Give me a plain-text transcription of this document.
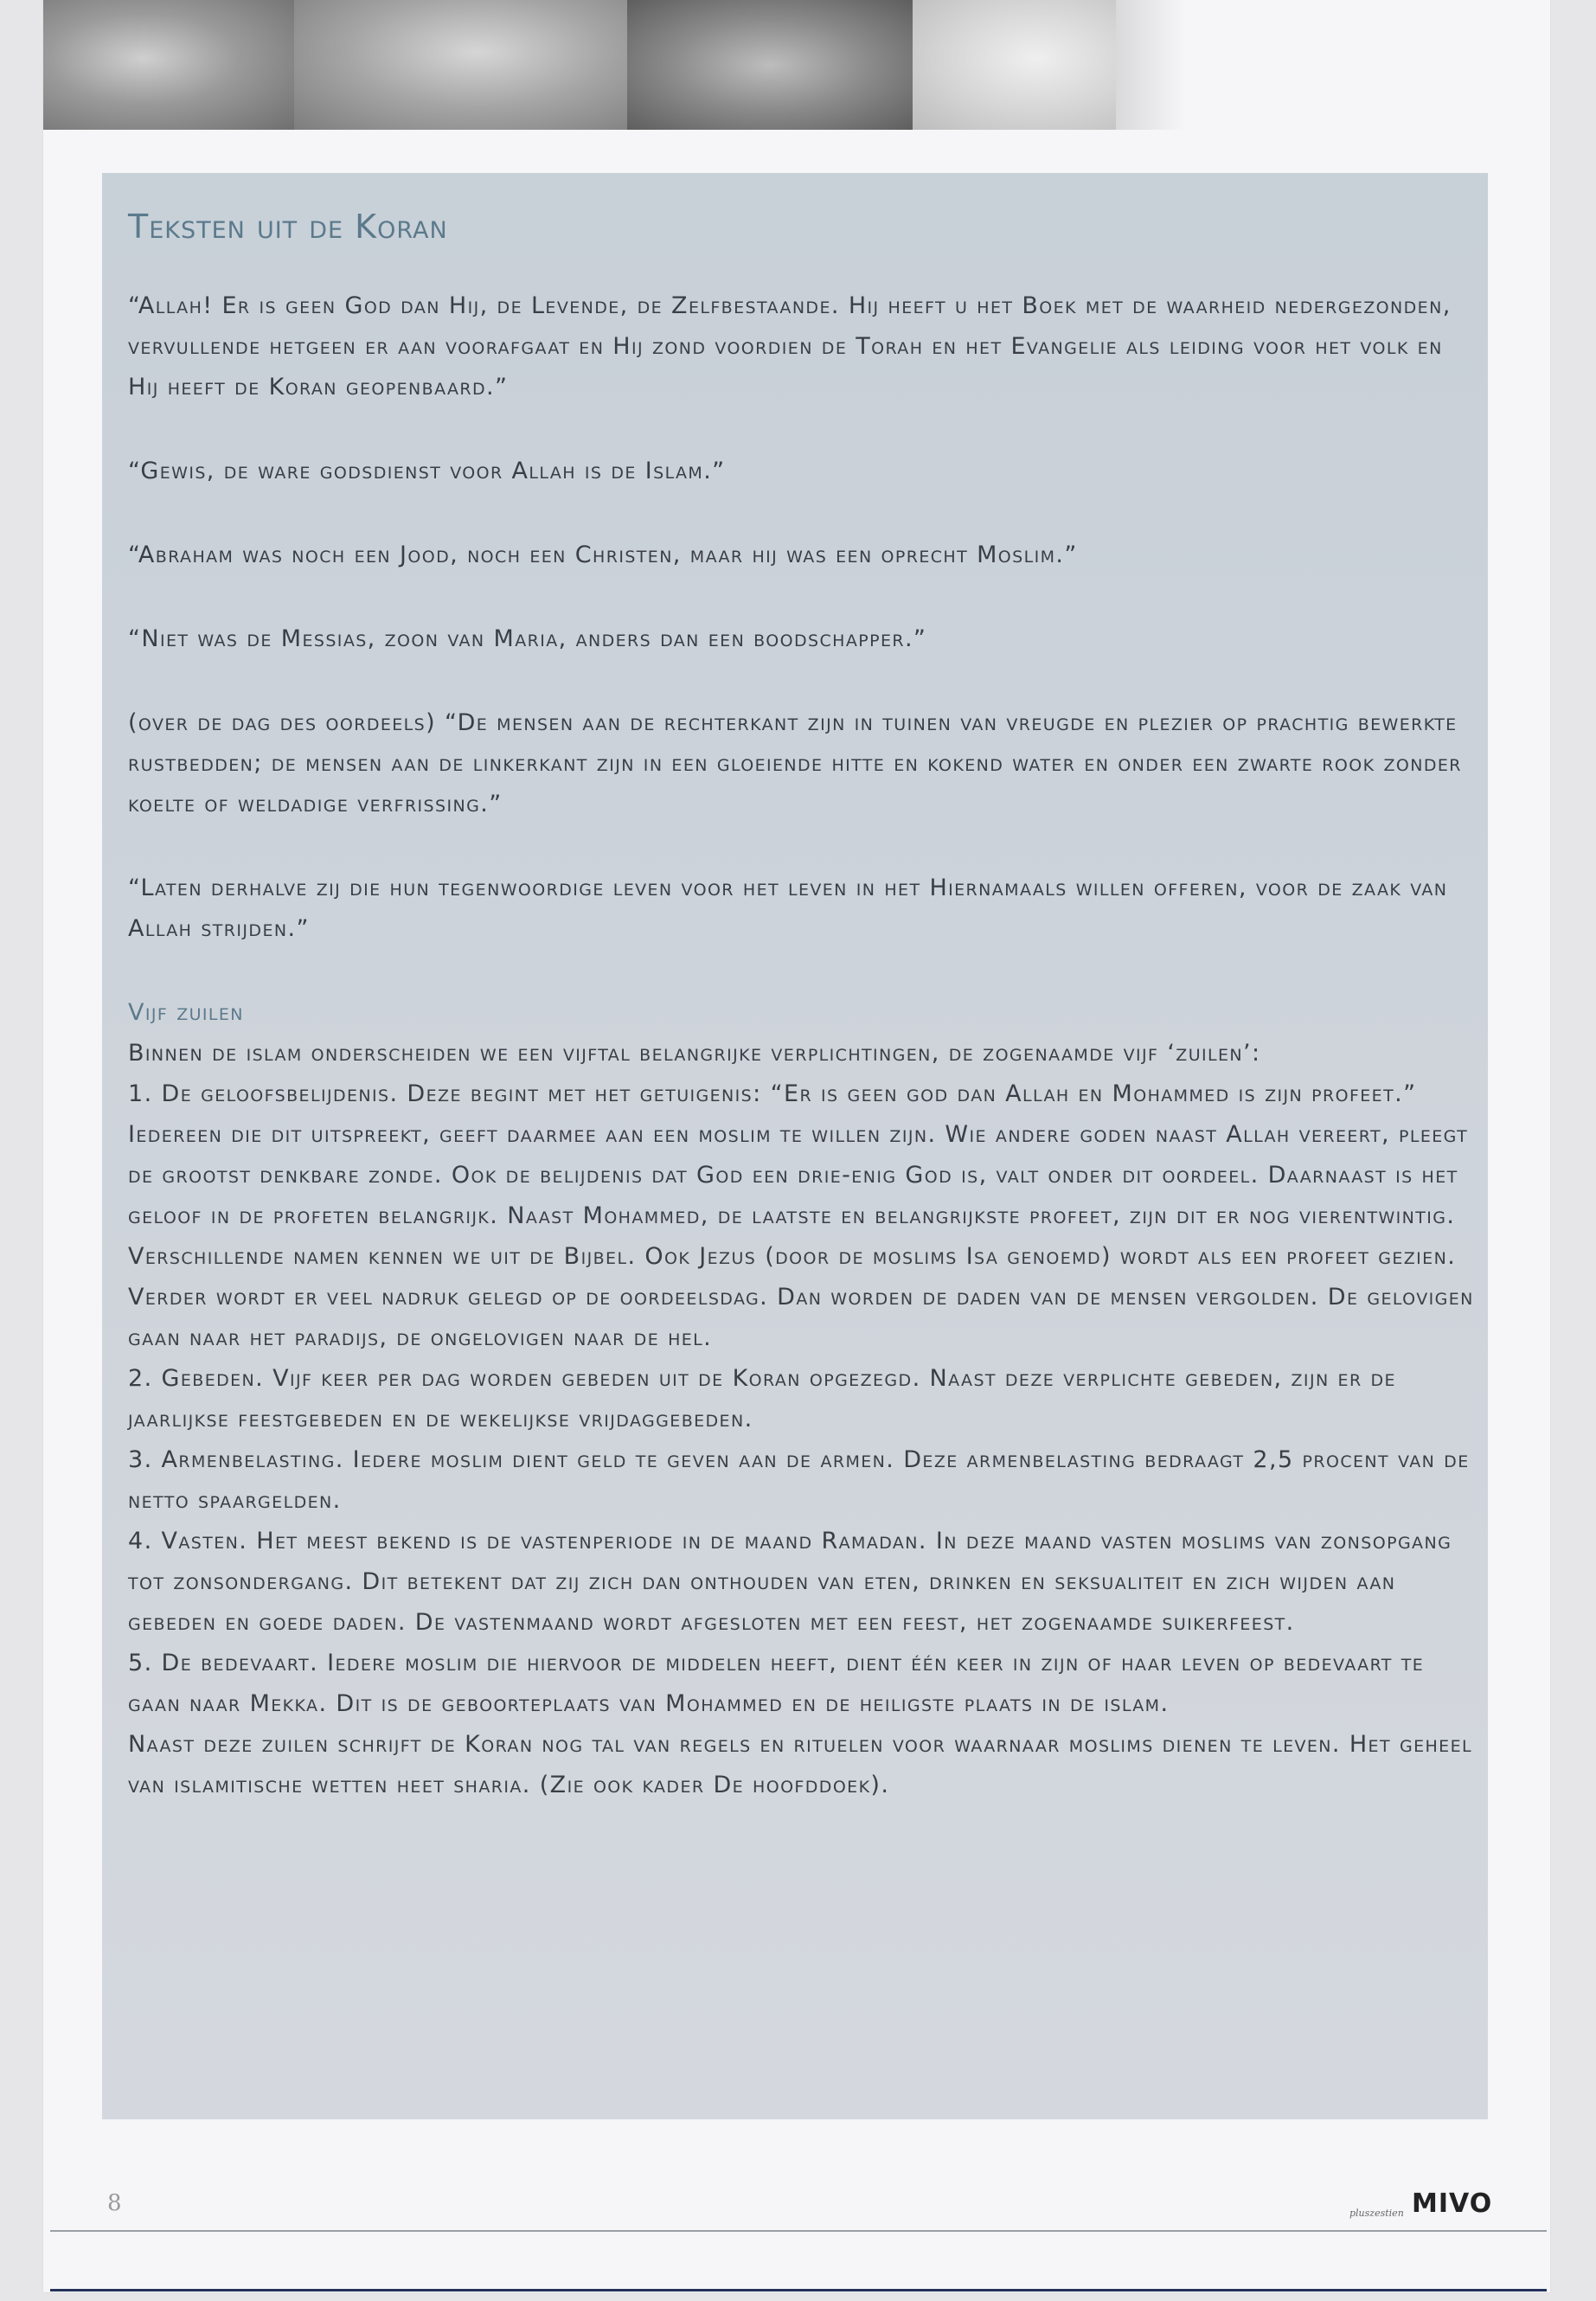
Teksten uit de Koran

“Allah! Er is geen God dan Hij, de Levende, de Zelfbestaande. Hij heeft u het Boek met de waarheid nedergezonden, vervullende hetgeen er aan voorafgaat en Hij zond voordien de Torah en het Evangelie als leiding voor het volk en Hij heeft de Koran geopenbaard.”

“Gewis, de ware godsdienst voor Allah is de Islam.”

“Abraham was noch een Jood, noch een Christen, maar hij was een oprecht Moslim.”

“Niet was de Messias, zoon van Maria, anders dan een boodschapper.”

(over de dag des oordeels) “De mensen aan de rechterkant zijn in tuinen van vreugde en plezier op prachtig bewerkte rustbedden; de mensen aan de linkerkant zijn in een gloeiende hitte en kokend water en onder een zwarte rook zonder koelte of weldadige verfrissing.”

“Laten derhalve zij die hun tegenwoordige leven voor het leven in het Hiernamaals willen offeren, voor de zaak van Allah strijden.”

Vijf zuilen

Binnen de islam onderscheiden we een vijftal belangrijke verplichtingen, de zogenaamde vijf ‘zuilen’:

1. De geloofsbelijdenis. Deze begint met het getuigenis: “Er is geen god dan Allah en Mohammed is zijn profeet.” Iedereen die dit uitspreekt, geeft daarmee aan een moslim te willen zijn. Wie andere goden naast Allah vereert, pleegt de grootst denkbare zonde. Ook de belijdenis dat God een drie-enig God is, valt onder dit oordeel. Daarnaast is het geloof in de profeten belangrijk. Naast Mohammed, de laatste en belangrijkste profeet, zijn dit er nog vierentwintig. Verschillende namen kennen we uit de Bijbel. Ook Jezus (door de moslims Isa genoemd) wordt als een profeet gezien. Verder wordt er veel nadruk gelegd op de oordeelsdag. Dan worden de daden van de mensen vergolden. De gelovigen gaan naar het paradijs, de ongelovigen naar de hel.

2. Gebeden. Vijf keer per dag worden gebeden uit de Koran opgezegd. Naast deze verplichte gebeden, zijn er de jaarlijkse feestgebeden en de wekelijkse vrijdaggebeden.

3. Armenbelasting. Iedere moslim dient geld te geven aan de armen. Deze armenbelasting bedraagt 2,5 procent van de netto spaargelden.

4. Vasten. Het meest bekend is de vastenperiode in de maand Ramadan. In deze maand vasten moslims van zonsopgang tot zonsondergang. Dit betekent dat zij zich dan onthouden van eten, drinken en seksualiteit en zich wijden aan gebeden en goede daden. De vastenmaand wordt afgesloten met een feest, het zogenaamde suikerfeest.

5. De bedevaart. Iedere moslim die hiervoor de middelen heeft, dient één keer in zijn of haar leven op bedevaart te gaan naar Mekka. Dit is de geboorteplaats van Mohammed en de heiligste plaats in de islam.

Naast deze zuilen schrijft de Koran nog tal van regels en rituelen voor waarnaar moslims dienen te leven. Het geheel van islamitische wetten heet sharia. (Zie ook kader De hoofddoek).

8	pluszestien MIVO
